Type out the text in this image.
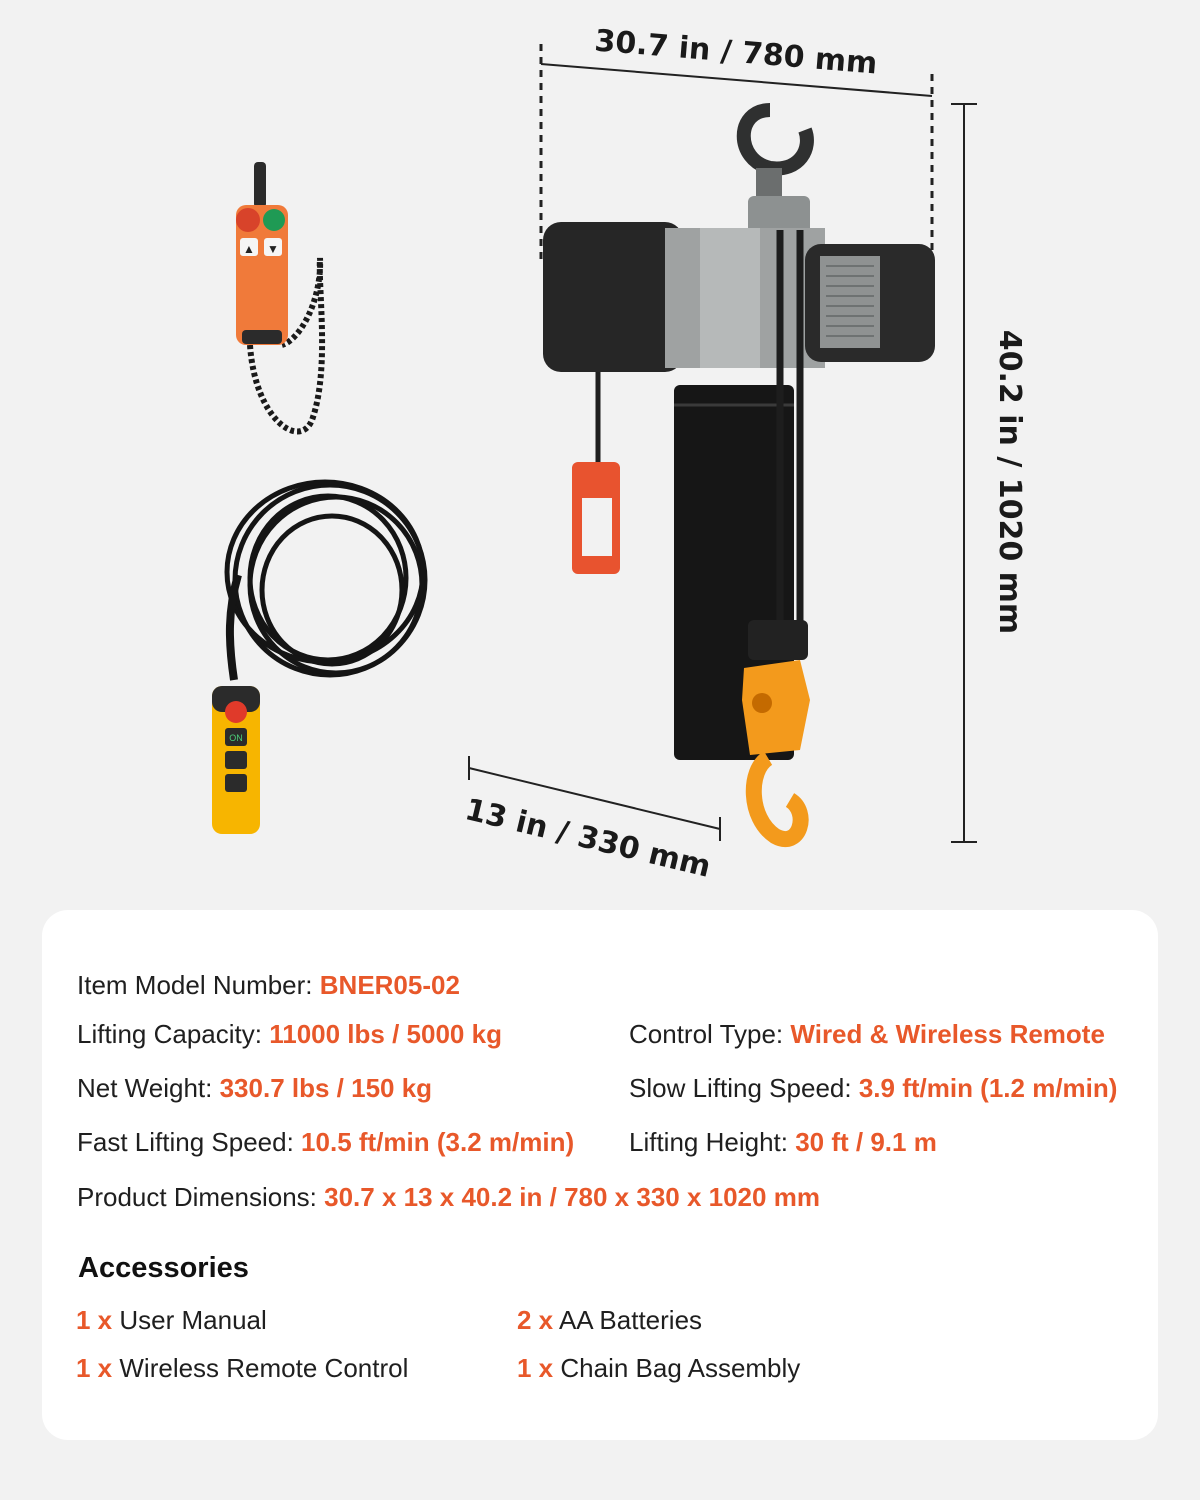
30.7 in / 780 mm
40.2 in / 1020 mm
13 in / 330 mm
▲ ▼
ON
Item Model Number: BNER05-02
Lifting Capacity: 11000 lbs / 5000 kg	Control Type: Wired & Wireless Remote
Net Weight: 330.7 lbs / 150 kg	Slow Lifting Speed: 3.9 ft/min (1.2 m/min)
Fast Lifting Speed: 10.5 ft/min (3.2 m/min) Lifting Height: 30 ft / 9.1 m
Product Dimensions: 30.7 x 13 x 40.2 in / 780 x 330 x 1020 mm
Accessories
1 x User Manual	2 x AA Batteries
1 x Wireless Remote Control	1 x Chain Bag Assembly
